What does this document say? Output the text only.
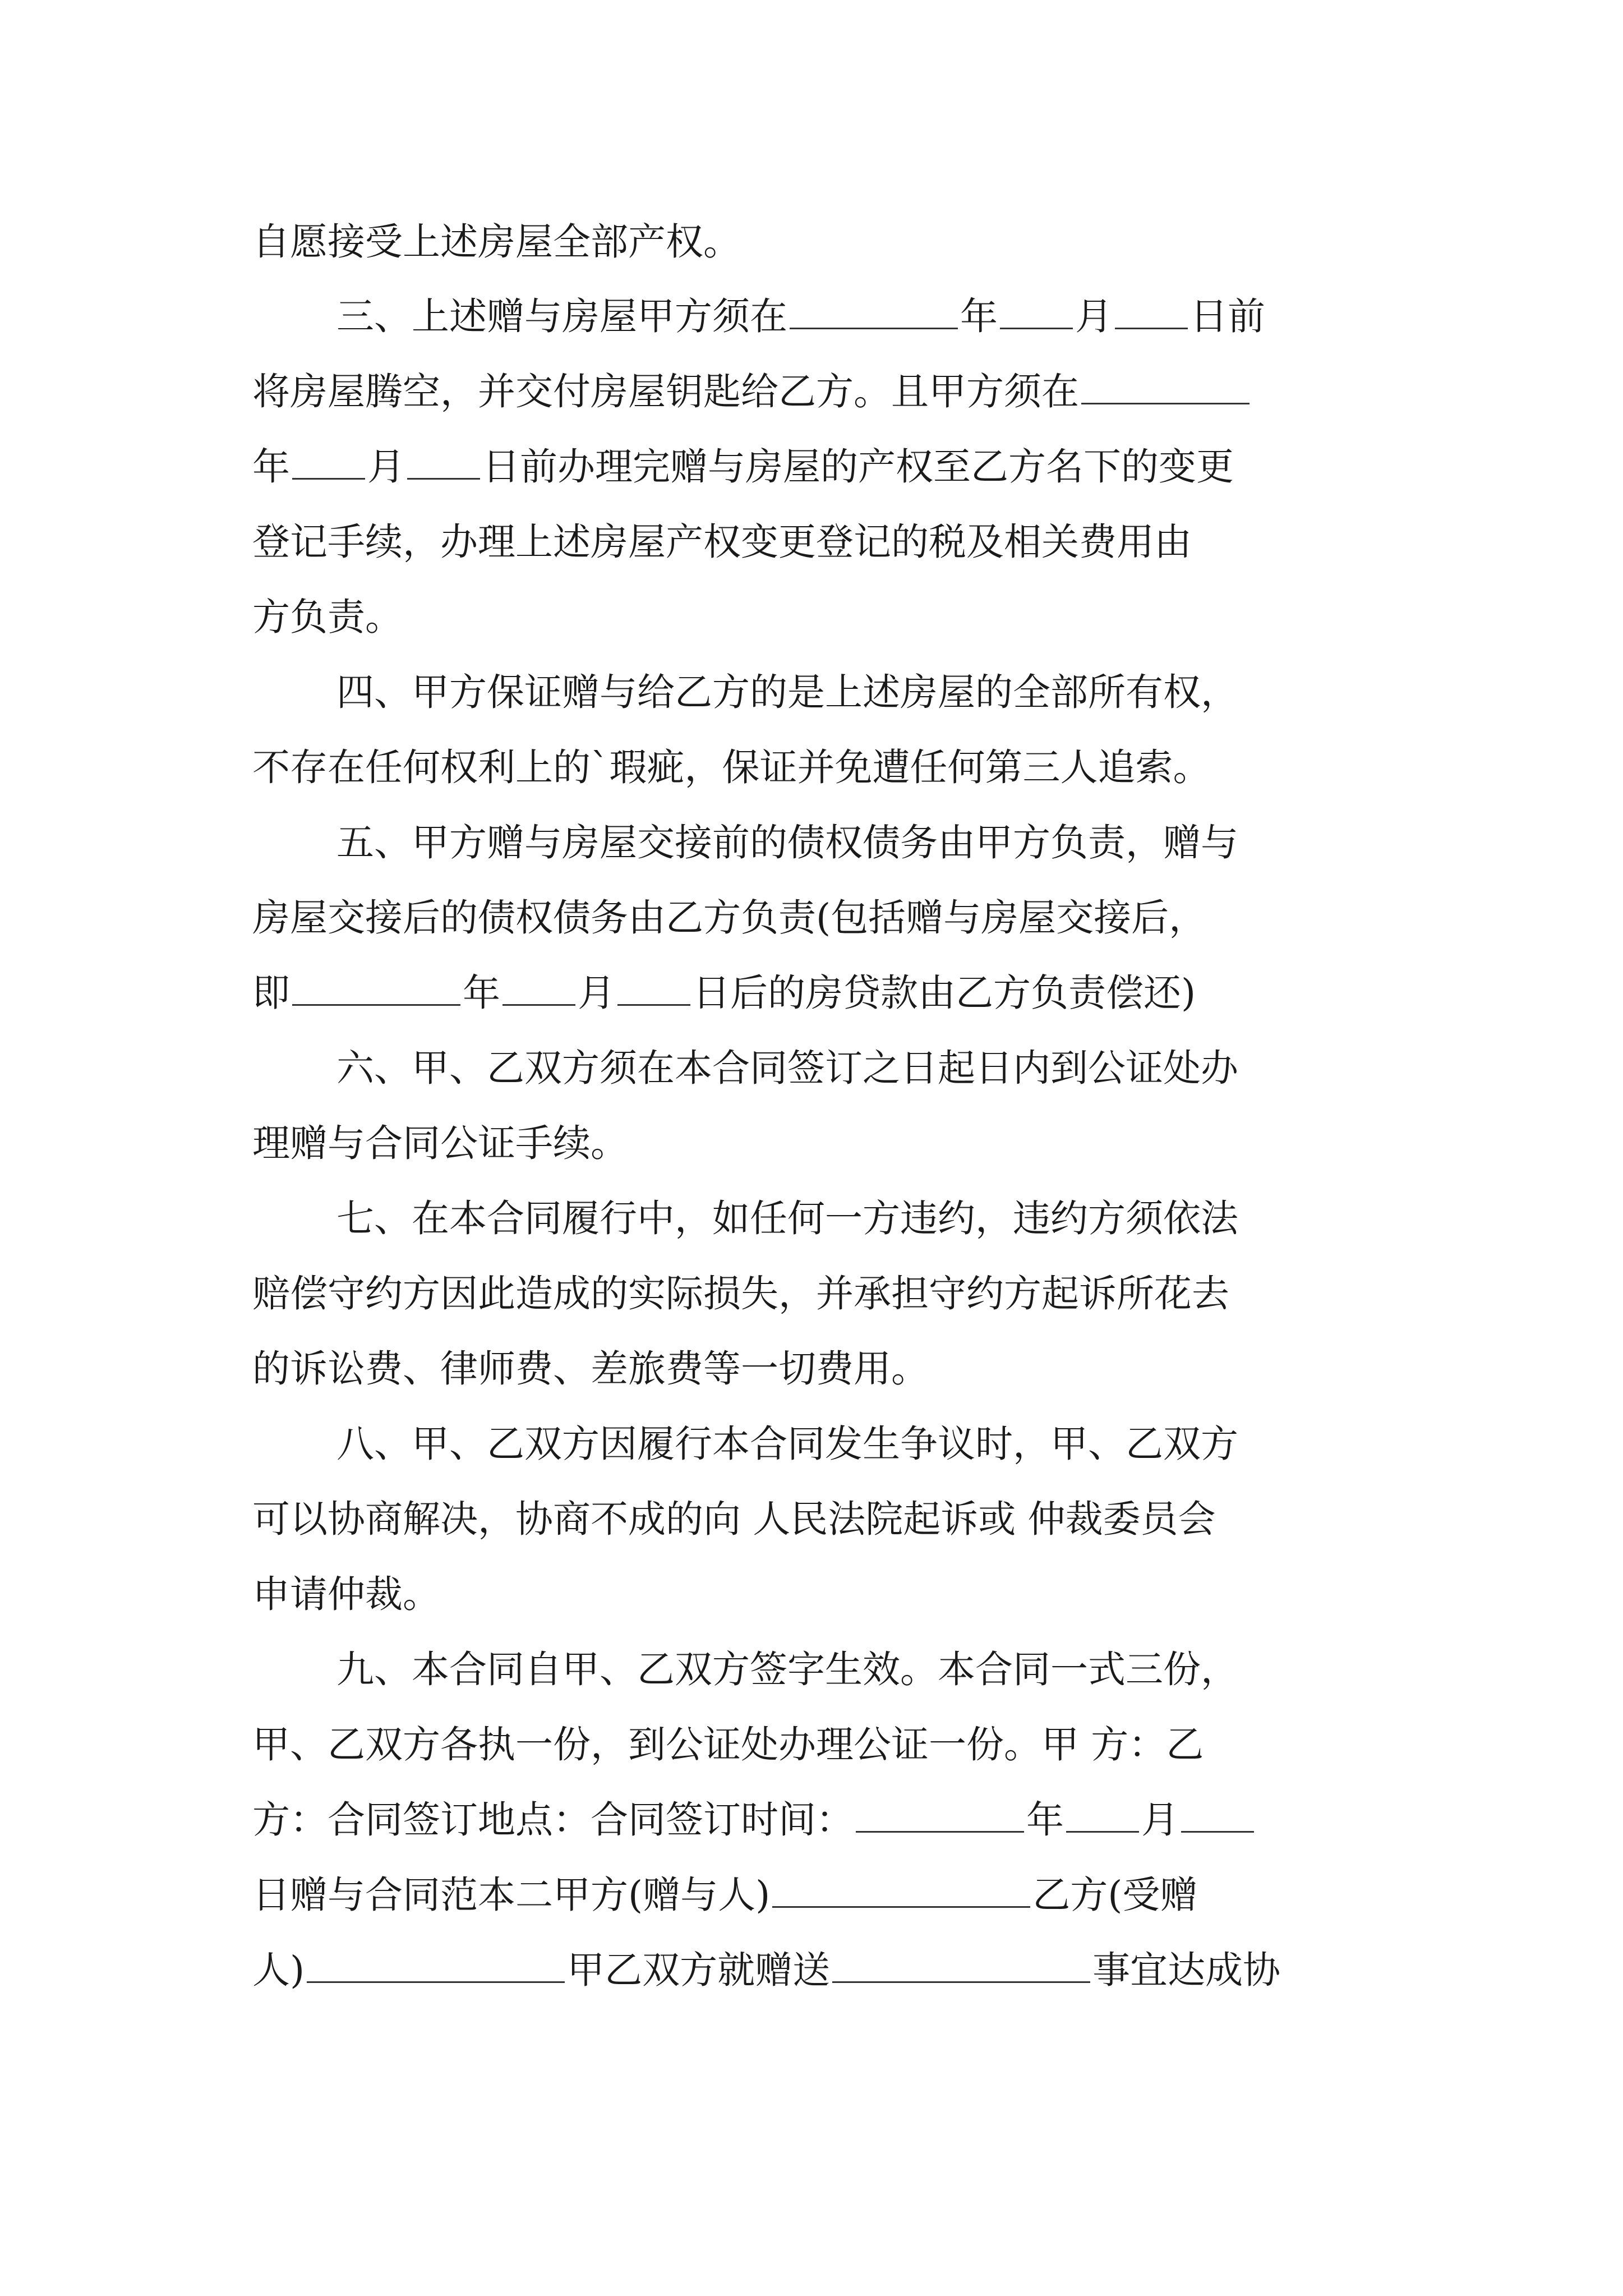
自愿接受上述房屋全部产权。
三、上述赠与房屋甲方须在	年 月 日前
将房屋腾空，并交付房屋钥匙给乙方。且甲方须在
年 月 日前办理完赠与房屋的产权至乙方名下的变更
登记手续，办理上述房屋产权变更登记的税及相关费用由
方负责。
四、甲方保证赠与给乙方的是上述房屋的全部所有权，
不存在任何权利上的`瑕疵，保证并免遭任何第三人追索。
五、甲方赠与房屋交接前的债权债务由甲方负责，赠与
房屋交接后的债权债务由乙方负责(包括赠与房屋交接后，
即	年 月 日后的房贷款由乙方负责偿还)
六、甲、乙双方须在本合同签订之日起日内到公证处办
理赠与合同公证手续。
七、在本合同履行中，如任何一方违约，违约方须依法
赔偿守约方因此造成的实际损失，并承担守约方起诉所花去
的诉讼费、律师费、差旅费等一切费用。
八、甲、乙双方因履行本合同发生争议时，甲、乙双方
可以协商解决，协商不成的向 人民法院起诉或 仲裁委员会
申请仲裁。
九、本合同自甲、乙双方签字生效。本合同一式三份，
甲、乙双方各执一份，到公证处办理公证一份。甲 方：乙
方：合同签订地点：合同签订时间：	年 月
日赠与合同范本二甲方(赠与人)	乙方(受赠
人)	甲乙双方就赠送	事宜达成协
